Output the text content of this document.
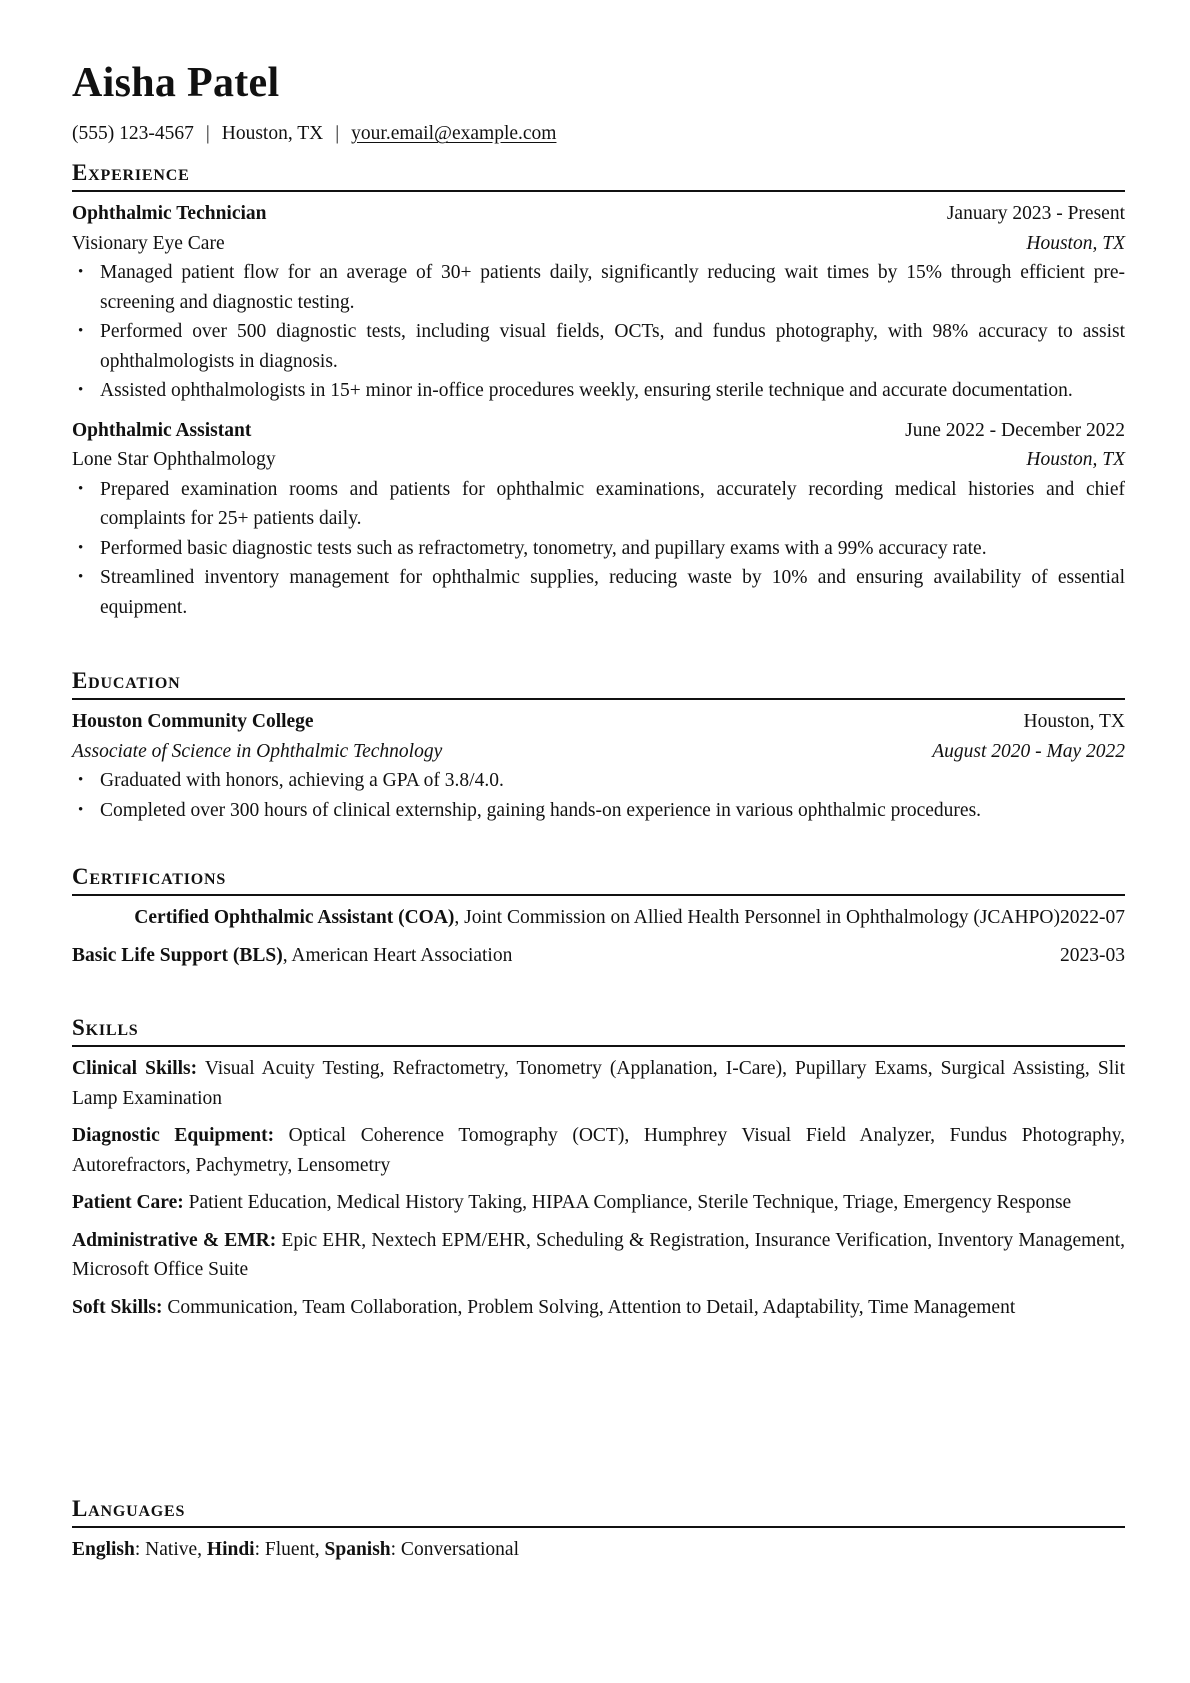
Aisha Patel
(555) 123-4567 | Houston, TX | your.email@example.com
Experience
Ophthalmic Technician	January 2023 - Present
Visionary Eye Care	Houston, TX
• Managed patient flow for an average of 30+ patients daily, significantly reducing wait times by 15% through efficient pre-screening and diagnostic testing.
• Performed over 500 diagnostic tests, including visual fields, OCTs, and fundus photography, with 98% accuracy to assist ophthalmologists in diagnosis.
• Assisted ophthalmologists in 15+ minor in-office procedures weekly, ensuring sterile technique and accurate documentation.
Ophthalmic Assistant	June 2022 - December 2022
Lone Star Ophthalmology	Houston, TX
• Prepared examination rooms and patients for ophthalmic examinations, accurately recording medical histories and chief complaints for 25+ patients daily.
• Performed basic diagnostic tests such as refractometry, tonometry, and pupillary exams with a 99% accuracy rate.
• Streamlined inventory management for ophthalmic supplies, reducing waste by 10% and ensuring availability of essential equipment.
Education
Houston Community College	Houston, TX
Associate of Science in Ophthalmic Technology	August 2020 - May 2022
• Graduated with honors, achieving a GPA of 3.8/4.0.
• Completed over 300 hours of clinical externship, gaining hands-on experience in various ophthalmic procedures.
Certifications
Certified Ophthalmic Assistant (COA), Joint Commission on Allied Health Personnel in Ophthalmology (JCAHPO) 2022-07
Basic Life Support (BLS), American Heart Association	2023-03
Skills
Clinical Skills: Visual Acuity Testing, Refractometry, Tonometry (Applanation, I-Care), Pupillary Exams, Surgical Assisting, Slit Lamp Examination
Diagnostic Equipment: Optical Coherence Tomography (OCT), Humphrey Visual Field Analyzer, Fundus Photography, Autorefractors, Pachymetry, Lensometry
Patient Care: Patient Education, Medical History Taking, HIPAA Compliance, Sterile Technique, Triage, Emergency Response
Administrative & EMR: Epic EHR, Nextech EPM/EHR, Scheduling & Registration, Insurance Verification, Inventory Management, Microsoft Office Suite
Soft Skills: Communication, Team Collaboration, Problem Solving, Attention to Detail, Adaptability, Time Management
Languages
English: Native, Hindi: Fluent, Spanish: Conversational
